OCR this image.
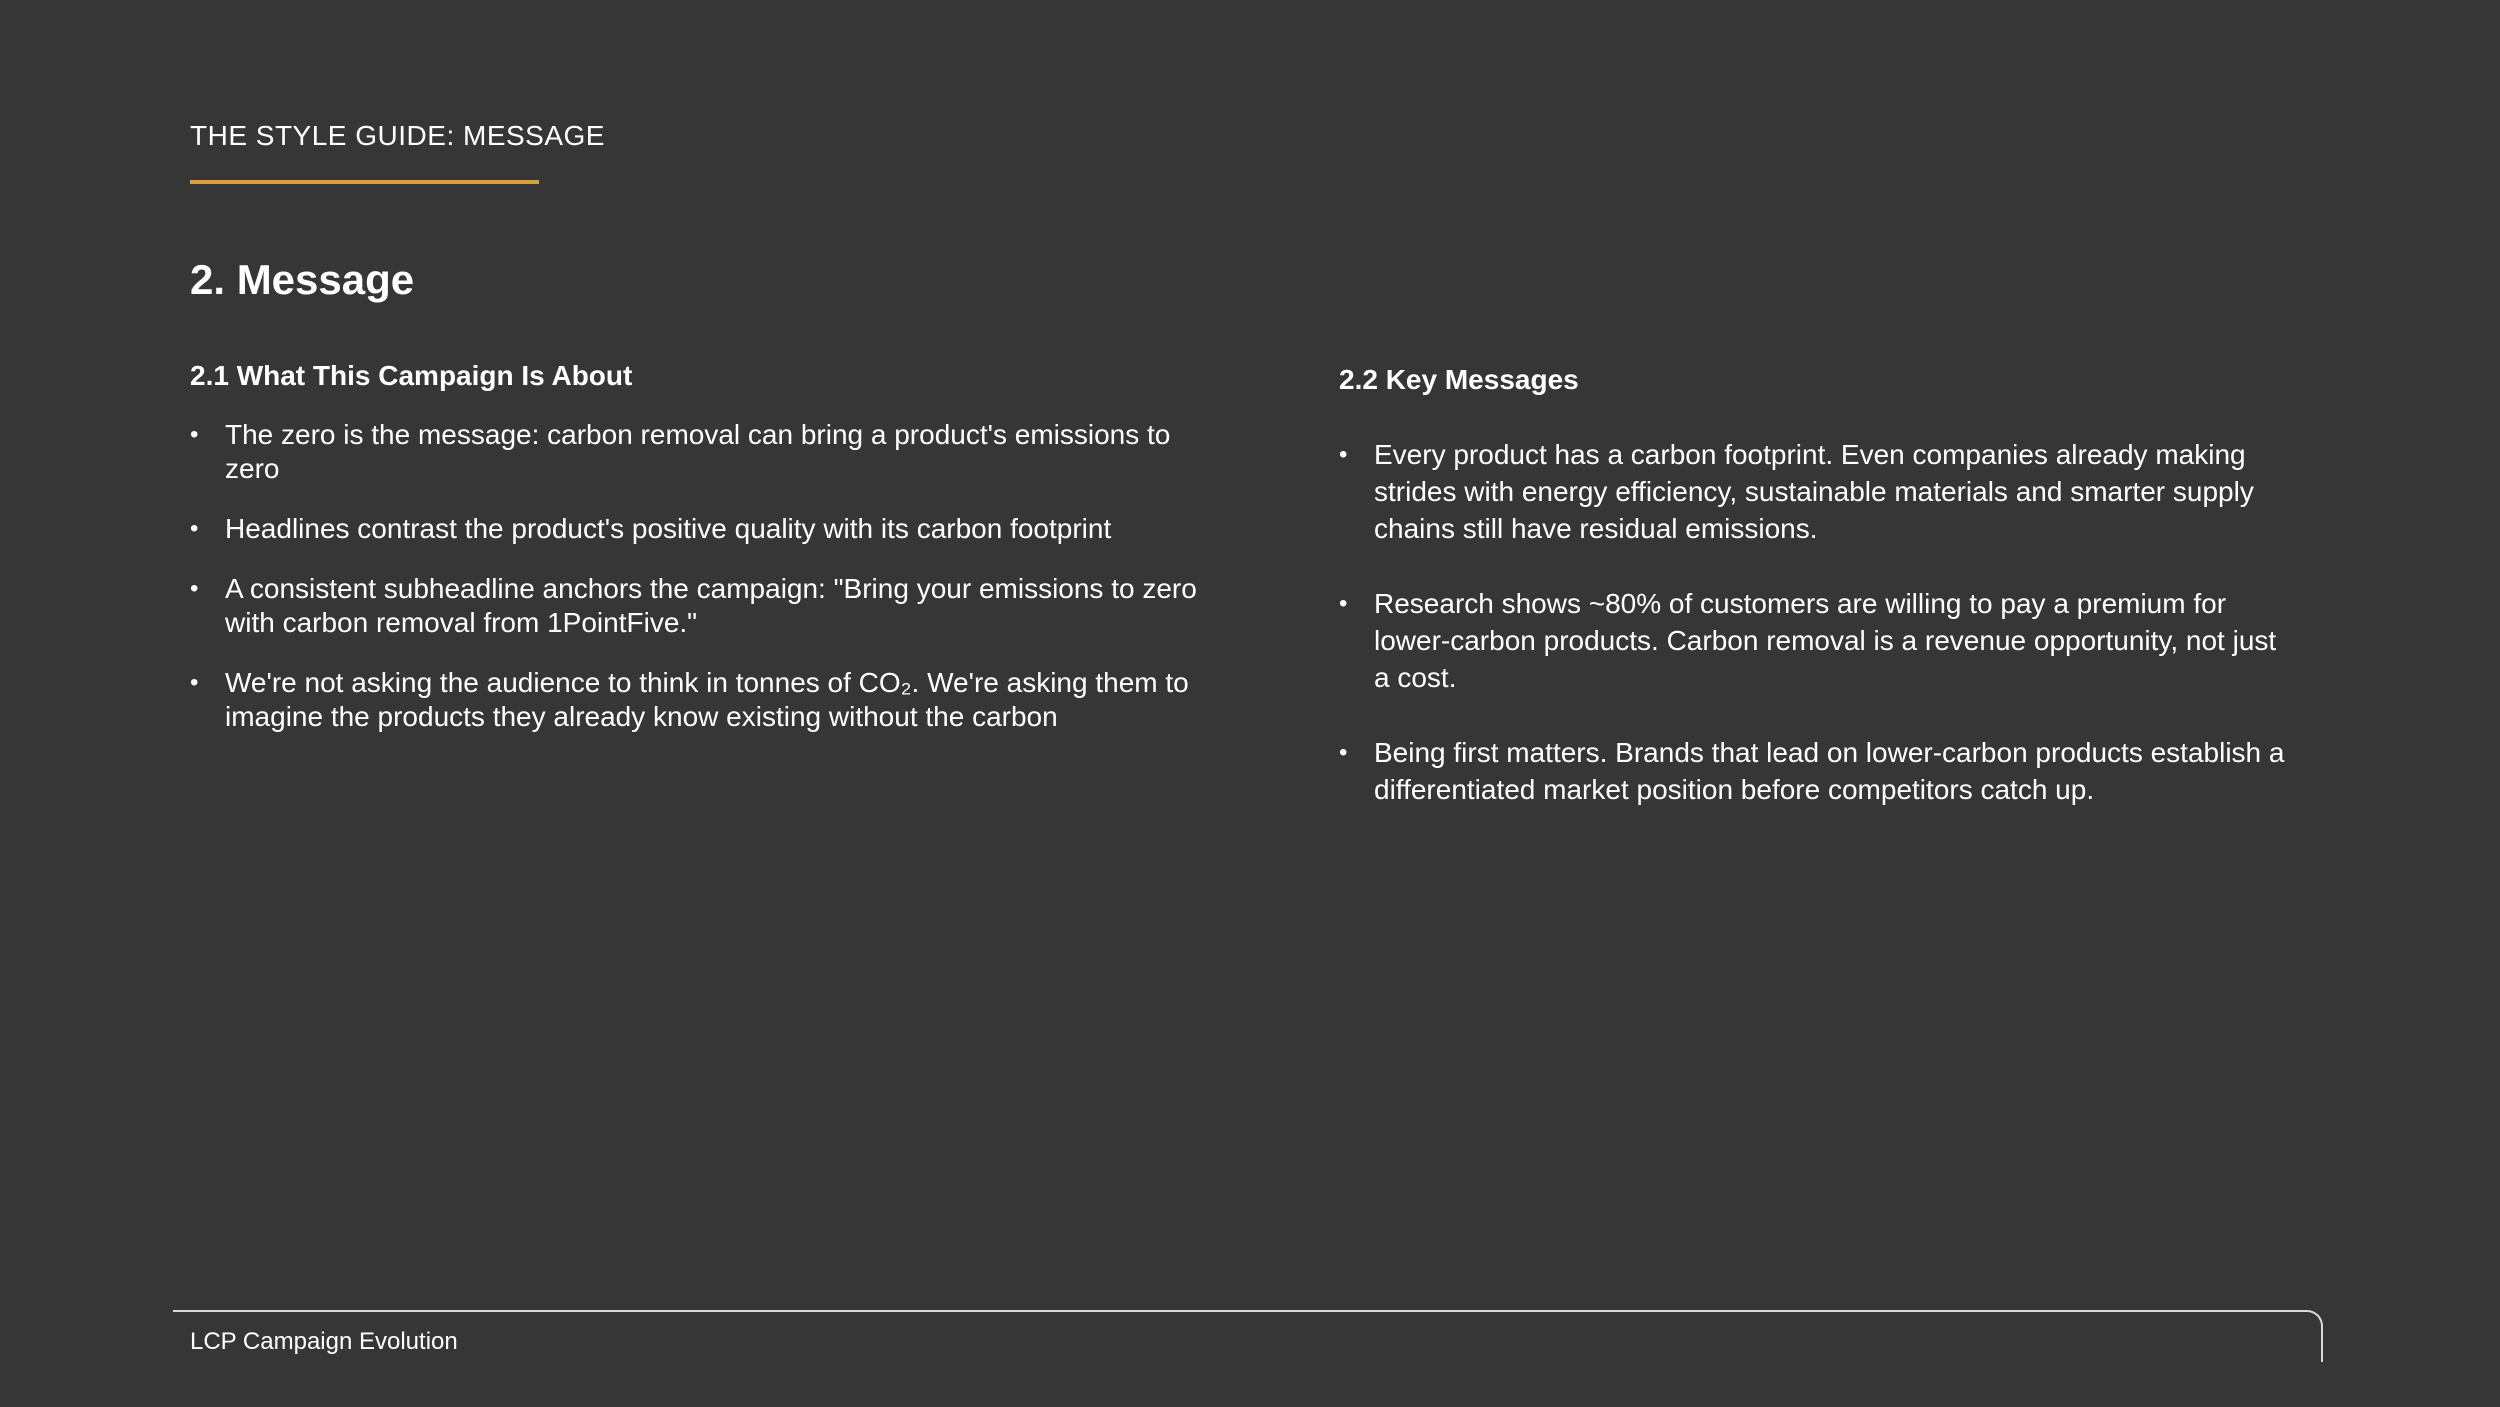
THE STYLE GUIDE: MESSAGE
2. Message
2.1 What This Campaign Is About
• The zero is the message: carbon removal can bring a product's emissions to zero
• Headlines contrast the product's positive quality with its carbon footprint
• A consistent subheadline anchors the campaign: "Bring your emissions to zero with carbon removal from 1PointFive."
• We're not asking the audience to think in tonnes of CO₂. We're asking them to imagine the products they already know existing without the carbon
2.2 Key Messages
• Every product has a carbon footprint. Even companies already making strides with energy efficiency, sustainable materials and smarter supply chains still have residual emissions.
• Research shows ~80% of customers are willing to pay a premium for lower-carbon products. Carbon removal is a revenue opportunity, not just a cost.
• Being first matters. Brands that lead on lower-carbon products establish a differentiated market position before competitors catch up.
LCP Campaign Evolution
